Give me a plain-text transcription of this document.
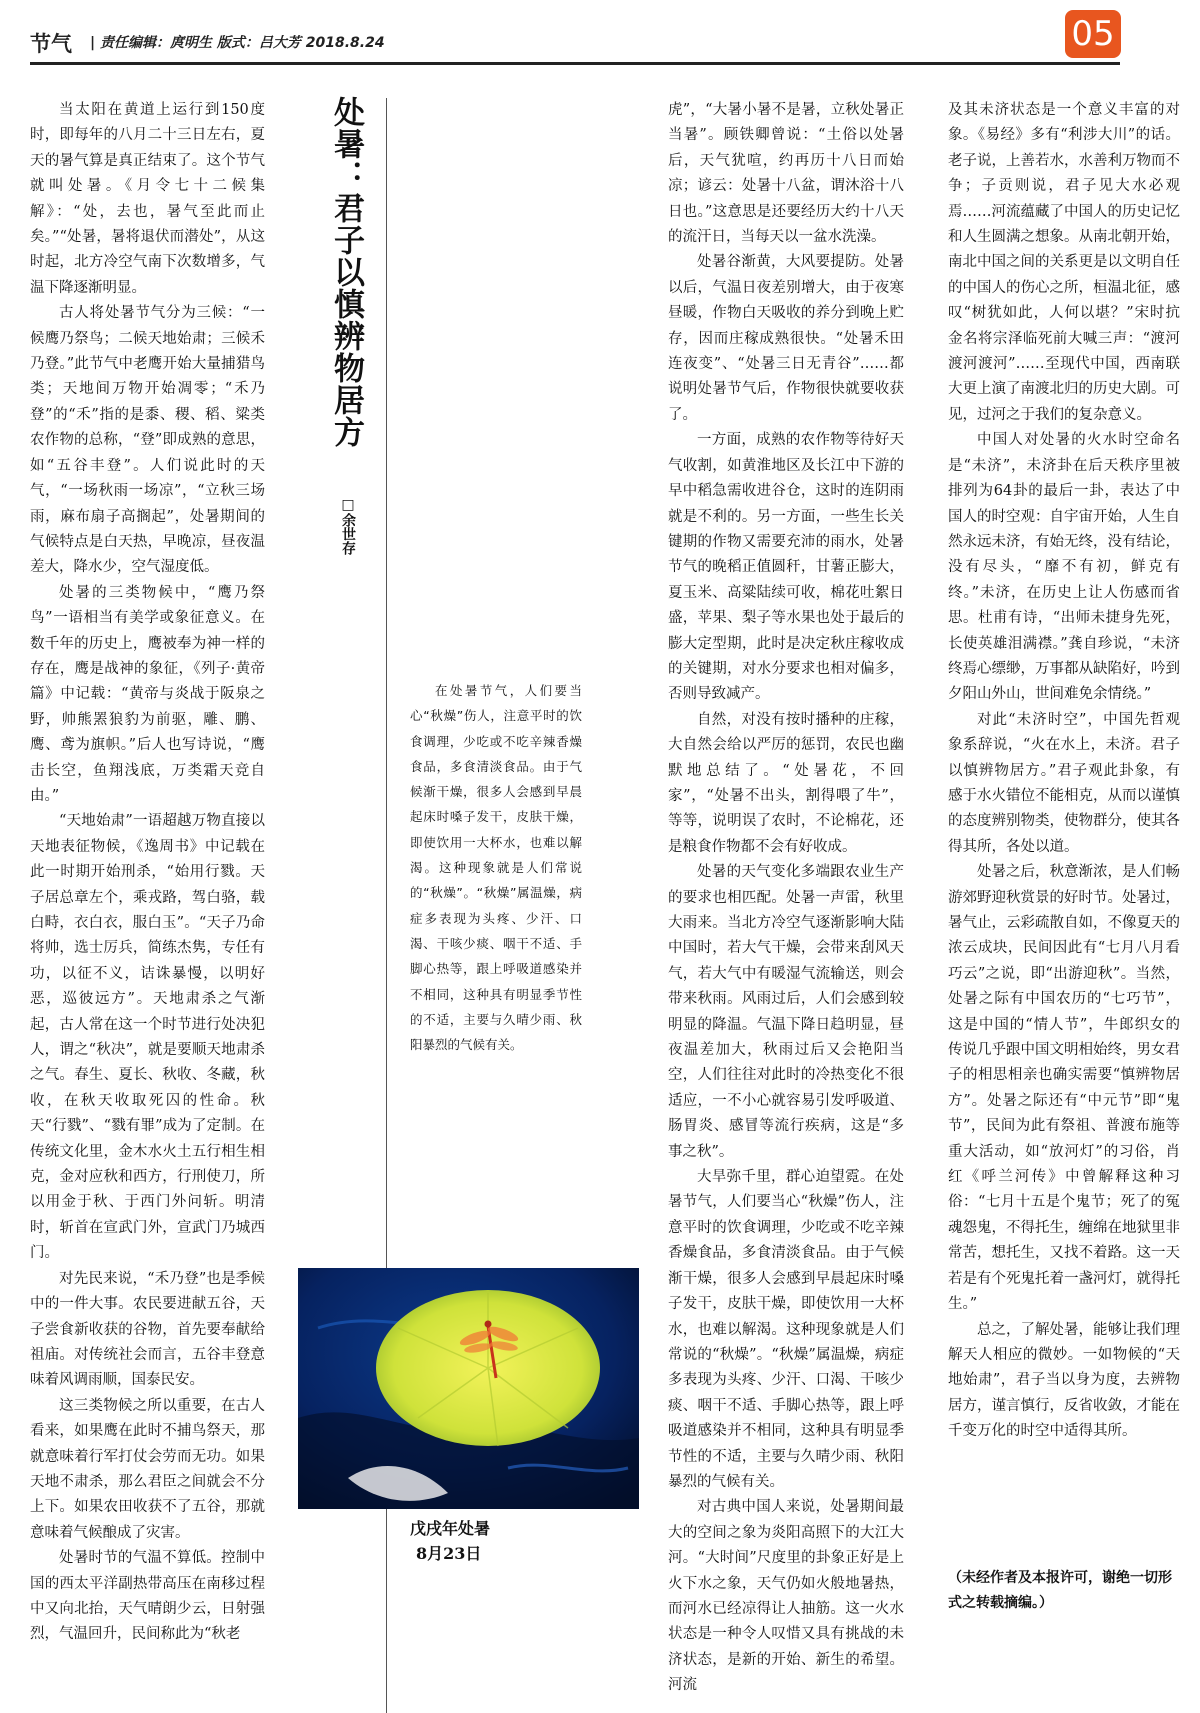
节气 | 责任编辑：庹明生 版式：吕大芳 2018.8.24	05

当太阳在黄道上运行到150度时，即每年的八月二十三日左右，夏天的暑气算是真正结束了。这个节气就叫处暑。《月令七十二候集解》：“处，去也，暑气至此而止矣。”“处暑，暑将退伏而潜处”，从这时起，北方冷空气南下次数增多，气温下降逐渐明显。

古人将处暑节气分为三候：“一候鹰乃祭鸟；二候天地始肃；三候禾乃登。”此节气中老鹰开始大量捕猎鸟类；天地间万物开始凋零；“禾乃登”的“禾”指的是黍、稷、稻、粱类农作物的总称，“登”即成熟的意思，如“五谷丰登”。人们说此时的天气，“一场秋雨一场凉”，“立秋三场雨，麻布扇子高搁起”，处暑期间的气候特点是白天热，早晚凉，昼夜温差大，降水少，空气湿度低。

处暑的三类物候中，“鹰乃祭鸟”一语相当有美学或象征意义。在数千年的历史上，鹰被奉为神一样的存在，鹰是战神的象征，《列子·黄帝篇》中记载：“黄帝与炎战于阪泉之野，帅熊罴狼豹为前驱，雕、鹏、鹰、鸢为旗帜。”后人也写诗说，“鹰击长空，鱼翔浅底，万类霜天竞自由。”

“天地始肃”一语超越万物直接以天地表征物候，《逸周书》中记载在此一时期开始刑杀，“始用行戮。天子居总章左个，乘戎路，驾白骆，载白畤，衣白衣，服白玉”。“天子乃命将帅，选士厉兵，简练杰隽，专任有功，以征不义，诘诛暴慢，以明好恶，巡彼远方”。天地肃杀之气渐起，古人常在这一个时节进行处决犯人，谓之“秋决”，就是要顺天地肃杀之气。春生、夏长、秋收、冬藏，秋收，在秋天收取死囚的性命。秋天“行戮”、“戮有罪”成为了定制。在传统文化里，金木水火土五行相生相克，金对应秋和西方，行刑使刀，所以用金于秋、于西门外问斩。明清时，斩首在宣武门外，宣武门乃城西门。

对先民来说，“禾乃登”也是季候中的一件大事。农民要进献五谷，天子尝食新收获的谷物，首先要奉献给祖庙。对传统社会而言，五谷丰登意味着风调雨顺，国泰民安。

这三类物候之所以重要，在古人看来，如果鹰在此时不捕鸟祭天，那就意味着行军打仗会劳而无功。如果天地不肃杀，那么君臣之间就会不分上下。如果农田收获不了五谷，那就意味着气候酿成了灾害。

处暑时节的气温不算低。控制中国的西太平洋副热带高压在南移过程中又向北抬，天气晴朗少云，日射强烈，气温回升，民间称此为“秋老

处暑：君子以慎辨物居方
□余世存
在处暑节气，人们要当心“秋燥”伤人，注意平时的饮食调理，少吃或不吃辛辣香燥食品，多食清淡食品。由于气候渐干燥，很多人会感到早晨起床时嗓子发干，皮肤干燥，即使饮用一大杯水，也难以解渴。这种现象就是人们常说的“秋燥”。“秋燥”属温燥，病症多表现为头疼、少汗、口渴、干咳少痰、咽干不适、手脚心热等，跟上呼吸道感染并不相同，这种具有明显季节性的不适，主要与久晴少雨、秋阳暴烈的气候有关。
戊戌年处暑
8月23日

虎”，“大暑小暑不是暑，立秋处暑正当暑”。顾铁卿曾说：“土俗以处暑后，天气犹喧，约再历十八日而始凉；谚云：处暑十八盆，谓沐浴十八日也。”这意思是还要经历大约十八天的流汗日，当每天以一盆水洗澡。

处暑谷渐黄，大风要提防。处暑以后，气温日夜差别增大，由于夜寒昼暖，作物白天吸收的养分到晚上贮存，因而庄稼成熟很快。“处暑禾田连夜变”、“处暑三日无青谷”……都说明处暑节气后，作物很快就要收获了。

一方面，成熟的农作物等待好天气收割，如黄淮地区及长江中下游的早中稻急需收进谷仓，这时的连阴雨就是不利的。另一方面，一些生长关键期的作物又需要充沛的雨水，处暑节气的晚稻正值圆秆，甘薯正膨大，夏玉米、高粱陆续可收，棉花吐絮日盛，苹果、梨子等水果也处于最后的膨大定型期，此时是决定秋庄稼收成的关键期，对水分要求也相对偏多，否则导致减产。

自然，对没有按时播种的庄稼，大自然会给以严厉的惩罚，农民也幽默地总结了。“处暑花，不回家”，“处暑不出头，割得喂了牛”，等等，说明误了农时，不论棉花，还是粮食作物都不会有好收成。

处暑的天气变化多端跟农业生产的要求也相匹配。处暑一声雷，秋里大雨来。当北方冷空气逐渐影响大陆中国时，若大气干燥，会带来刮风天气，若大气中有暖湿气流输送，则会带来秋雨。风雨过后，人们会感到较明显的降温。气温下降日趋明显，昼夜温差加大，秋雨过后又会艳阳当空，人们往往对此时的冷热变化不很适应，一不小心就容易引发呼吸道、肠胃炎、感冒等流行疾病，这是“多事之秋”。

大旱弥千里，群心迫望霓。在处暑节气，人们要当心“秋燥”伤人，注意平时的饮食调理，少吃或不吃辛辣香燥食品，多食清淡食品。由于气候渐干燥，很多人会感到早晨起床时嗓子发干，皮肤干燥，即使饮用一大杯水，也难以解渴。这种现象就是人们常说的“秋燥”。“秋燥”属温燥，病症多表现为头疼、少汗、口渴、干咳少痰、咽干不适、手脚心热等，跟上呼吸道感染并不相同，这种具有明显季节性的不适，主要与久晴少雨、秋阳暴烈的气候有关。

对古典中国人来说，处暑期间最大的空间之象为炎阳高照下的大江大河。“大时间”尺度里的卦象正好是上火下水之象，天气仍如火般地暑热，而河水已经凉得让人抽筋。这一火水状态是一种令人叹惜又具有挑战的未济状态，是新的开始、新生的希望。河流

及其未济状态是一个意义丰富的对象。《易经》多有“利涉大川”的话。老子说，上善若水，水善利万物而不争；子贡则说，君子见大水必观焉……河流蕴藏了中国人的历史记忆和人生圆满之想象。从南北朝开始，南北中国之间的关系更是以文明自任的中国人的伤心之所，桓温北征，感叹“树犹如此，人何以堪？”宋时抗金名将宗泽临死前大喊三声：“渡河渡河渡河”……至现代中国，西南联大更上演了南渡北归的历史大剧。可见，过河之于我们的复杂意义。

中国人对处暑的火水时空命名是“未济”，未济卦在后天秩序里被排列为64卦的最后一卦，表达了中国人的时空观：自宇宙开始，人生自然永远未济，有始无终，没有结论，没有尽头，“靡不有初，鲜克有终。”未济，在历史上让人伤感而省思。杜甫有诗，“出师未捷身先死，长使英雄泪满襟。”龚自珍说，“未济终焉心缥缈，万事都从缺陷好，吟到夕阳山外山，世间难免余情绕。”

对此“未济时空”，中国先哲观象系辞说，“火在水上，未济。君子以慎辨物居方。”君子观此卦象，有感于水火错位不能相克，从而以谨慎的态度辨别物类，使物群分，使其各得其所，各处以道。

处暑之后，秋意渐浓，是人们畅游郊野迎秋赏景的好时节。处暑过，暑气止，云彩疏散自如，不像夏天的浓云成块，民间因此有“七月八月看巧云”之说，即“出游迎秋”。当然，处暑之际有中国农历的“七巧节”，这是中国的“情人节”，牛郎织女的传说几乎跟中国文明相始终，男女君子的相思相亲也确实需要“慎辨物居方”。处暑之际还有“中元节”即“鬼节”，民间为此有祭祖、普渡布施等重大活动，如“放河灯”的习俗，肖红《呼兰河传》中曾解释这种习俗：“七月十五是个鬼节；死了的冤魂怨鬼，不得托生，缠绵在地狱里非常苦，想托生，又找不着路。这一天若是有个死鬼托着一盏河灯，就得托生。”

总之，了解处暑，能够让我们理解天人相应的微妙。一如物候的“天地始肃”，君子当以身为度，去辨物居方，谨言慎行，反省收敛，才能在千变万化的时空中适得其所。

（未经作者及本报许可，谢绝一切形式之转载摘编。）
